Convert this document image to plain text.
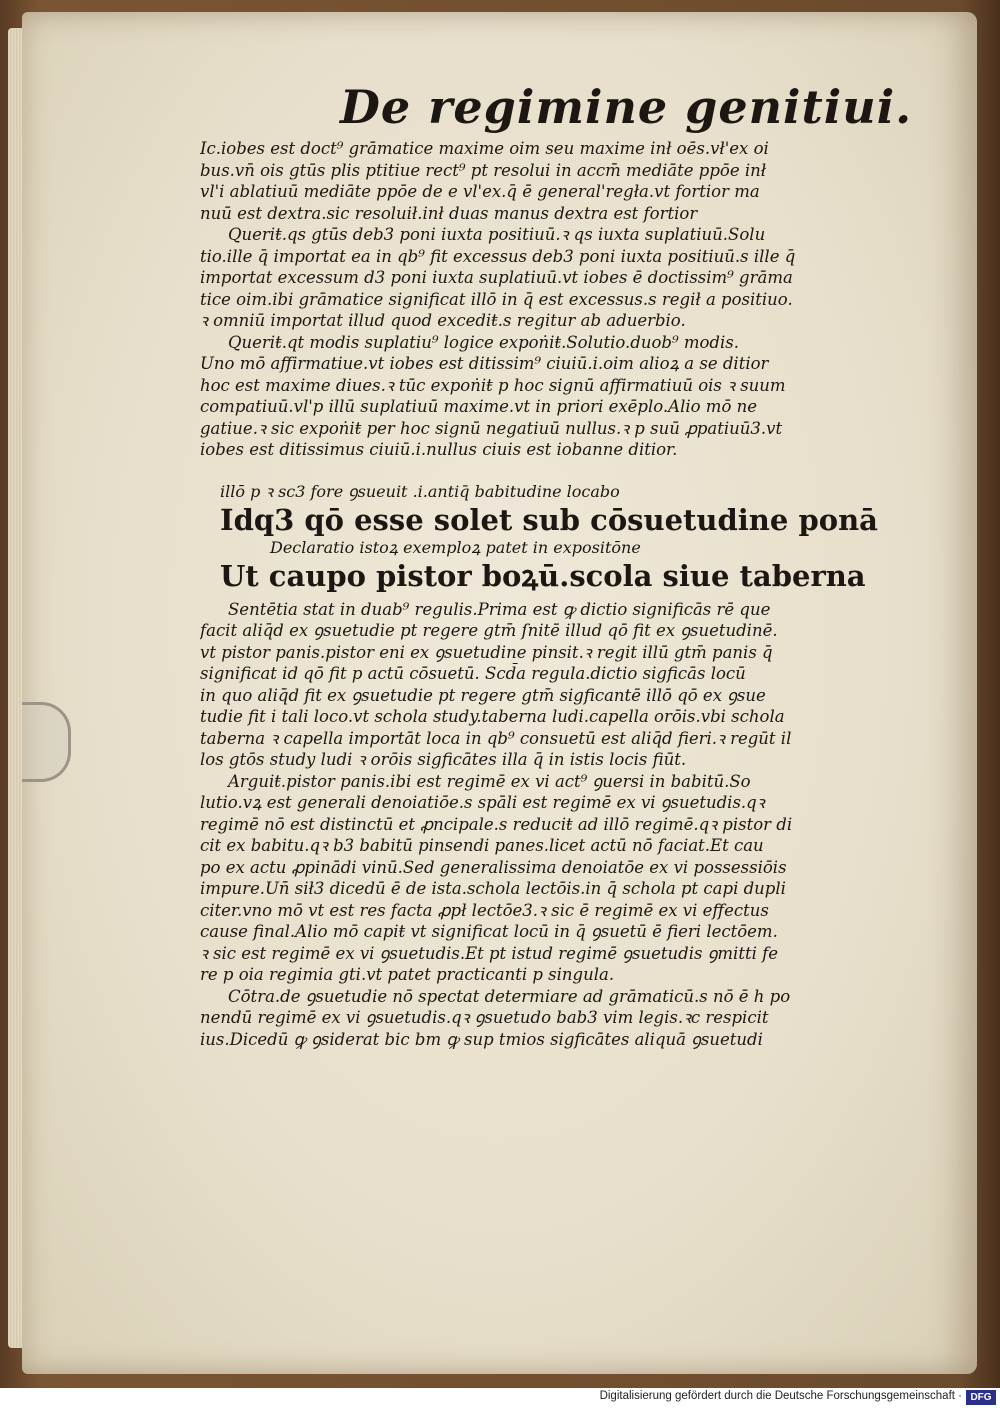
De regimine genitiui.
Ic.iobes est doct⁹ grāmatice maxime oim seu maxime inł oēs.vł'ex oi
bus.vn̄ ois gtūs plis ptitiue rect⁹ pt resolui in accm̄ mediāte ppōe inł
vl'i ablatiuū mediāte ppōe de e vl'ex.q̄ ē general'regła.vt fortior ma
nuū est dextra.sic resoluił.inł duas manus dextra est fortior
Queriŧ.qs gtūs deb3 poni iuxta positiuū.ꝛ qs iuxta suplatiuū.Solu
tio.ille q̄ importat ea in qb⁹ fit excessus deb3 poni iuxta positiuū.s ille q̄
importat excessum d3 poni iuxta suplatiuū.vt iobes ē doctissim⁹ grāma
tice oim.ibi grāmatice significat illō in q̄ est excessus.s regił a positiuo.
ꝛ omniū importat illud quod excediŧ.s regitur ab aduerbio.
Queriŧ.qt modis suplatiu⁹ logice expoṅiŧ.Solutio.duob⁹ modis.
Uno mō affirmatiue.vt iobes est ditissim⁹ ciuiū.i.oim alioꝝ a se ditior
hoc est maxime diues.ꝛ tūc expoṅiŧ p hoc signū affirmatiuū ois ꝛ suum
compatiuū.vl'p illū suplatiuū maxime.vt in priori exēplo.Alio mō ne
gatiue.ꝛ sic expoṅiŧ per hoc signū negatiuū nullus.ꝛ p suū ꝓpatiuū3.vt
iobes est ditissimus ciuiū.i.nullus ciuis est iobanne ditior.
illō p ꝛ sc3 fore ꝯsueuit .i.antiq̄ babitudine locabo
Idq3 qō esse solet sub cōsuetudine ponā
Declaratio istoꝝ exemploꝝ patet in expositōne
Ut caupo pistor boꝝū.scola siue taberna
Sentētia stat in duab⁹ regulis.Prima est ꝙ dictio significās rē que
facit aliq̄d ex ꝯsuetudie pt regere gtm̄ ſnitē illud qō fit ex ꝯsuetudinē.
vt pistor panis.pistor eni ex ꝯsuetudine pinsit.ꝛ regit illū gtm̄ panis q̄
significat id qō fit p actū cōsuetū. Scd̄a regula.dictio sigficās locū
in quo aliq̄d fit ex ꝯsuetudie pt regere gtm̄ sigficantē illō qō ex ꝯsue
tudie fit i tali loco.vt schola study.taberna ludi.capella orōis.vbi schola
taberna ꝛ capella importāt loca in qb⁹ consuetū est aliq̄d fieri.ꝛ regūt il
los gtōs study ludi ꝛ orōis sigficātes illa q̄ in istis locis fiūt.
Arguiŧ.pistor panis.ibi est regimē ex vi act⁹ ꝯuersi in babitū.So
lutio.vꝝ est generali denoiatiōe.s spāli est regimē ex vi ꝯsuetudis.qꝛ
regimē nō est distinctū et ꝓncipale.s reduciŧ ad illō regimē.qꝛ pistor di
cit ex babitu.qꝛ b3 babitū pinsendi panes.licet actū nō faciat.Et cau
po ex actu ꝓpinādi vinū.Sed generalissima denoiatōe ex vi possessiōis
impure.Un̄ sił3 dicedū ē de ista.schola lectōis.in q̄ schola pt capi dupli
citer.vno mō vt est res facta ꝓpł lectōe3.ꝛ sic ē regimē ex vi effectus
cause final.Alio mō capiŧ vt significat locū in q̄ ꝯsuetū ē fieri lectōem.
ꝛ sic est regimē ex vi ꝯsuetudis.Et pt istud regimē ꝯsuetudis ꝯmitti fe
re p oia regimia gti.vt patet practicanti p singula.
Cōtra.de ꝯsuetudie nō spectat determiare ad grāmaticū.s nō ē h po
nendū regimē ex vi ꝯsuetudis.qꝛ ꝯsuetudo bab3 vim legis.ꝛc respicit
ius.Dicedū ꝙ ꝯsiderat bic bm ꝙ sup tmios sigficātes aliquā ꝯsuetudi
Digitalisierung gefördert durch die Deutsche Forschungsgemeinschaft · DFG
